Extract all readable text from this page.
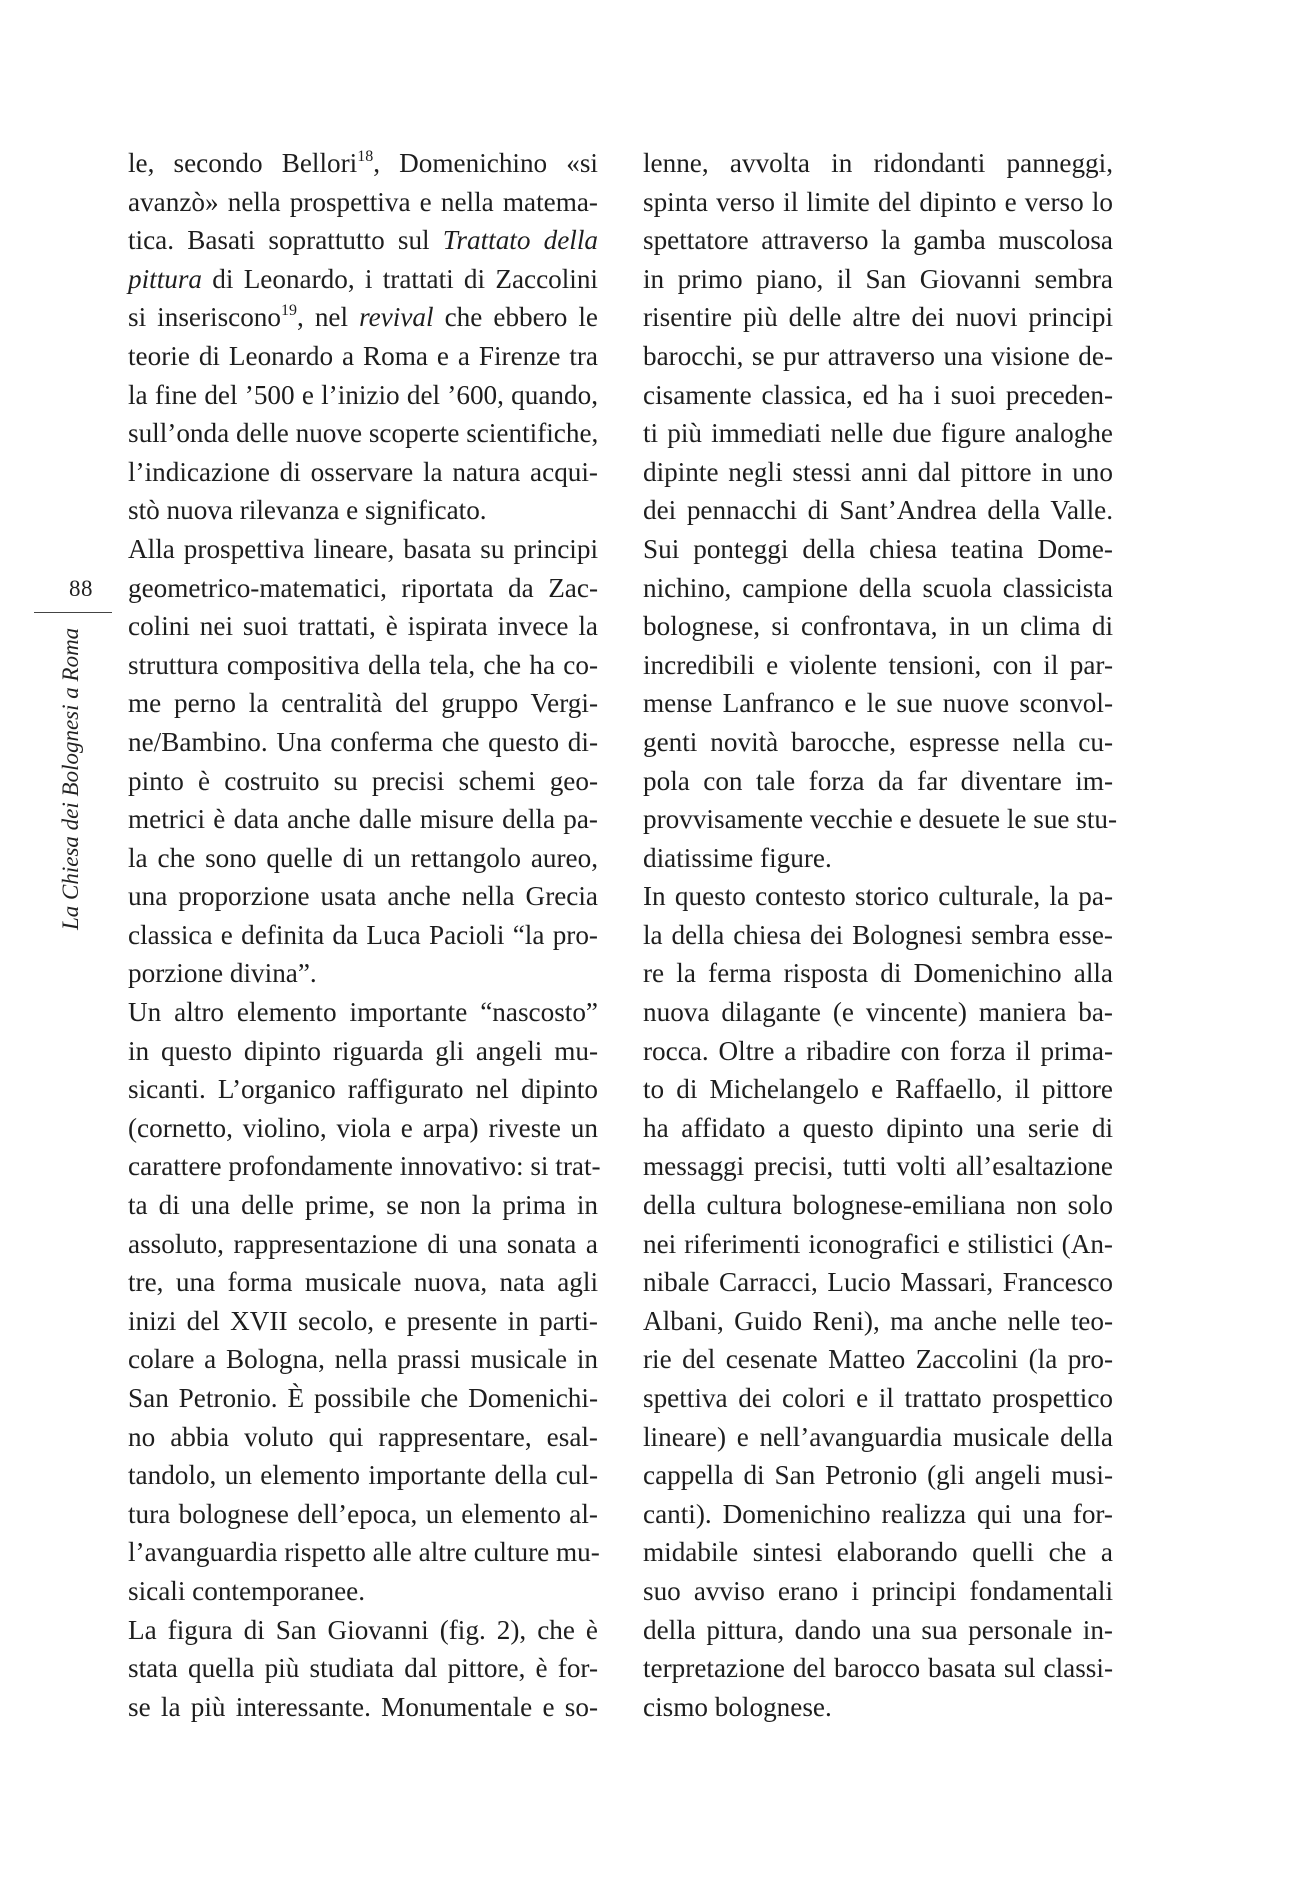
88
La Chiesa dei Bolognesi a Roma
le, secondo Bellori$^{18}$, Domenichino «si
avanzò» nella prospettiva e nella matema-
tica. Basati soprattutto sul Trattato della
pittura di Leonardo, i trattati di Zaccolini
si inseriscono$^{19}$, nel revival che ebbero le
teorie di Leonardo a Roma e a Firenze tra
la fine del ’500 e l’inizio del ’600, quando,
sull’onda delle nuove scoperte scientifiche,
l’indicazione di osservare la natura acqui-
stò nuova rilevanza e significato.
Alla prospettiva lineare, basata su principi
geometrico-matematici, riportata da Zac-
colini nei suoi trattati, è ispirata invece la
struttura compositiva della tela, che ha co-
me perno la centralità del gruppo Vergi-
ne/Bambino. Una conferma che questo di-
pinto è costruito su precisi schemi geo-
metrici è data anche dalle misure della pa-
la che sono quelle di un rettangolo aureo,
una proporzione usata anche nella Grecia
classica e definita da Luca Pacioli “la pro-
porzione divina”.
Un altro elemento importante “nascosto”
in questo dipinto riguarda gli angeli mu-
sicanti. L’organico raffigurato nel dipinto
(cornetto, violino, viola e arpa) riveste un
carattere profondamente innovativo: si trat-
ta di una delle prime, se non la prima in
assoluto, rappresentazione di una sonata a
tre, una forma musicale nuova, nata agli
inizi del XVII secolo, e presente in parti-
colare a Bologna, nella prassi musicale in
San Petronio. È possibile che Domenichi-
no abbia voluto qui rappresentare, esal-
tandolo, un elemento importante della cul-
tura bolognese dell’epoca, un elemento al-
l’avanguardia rispetto alle altre culture mu-
sicali contemporanee.
La figura di San Giovanni (fig. 2), che è
stata quella più studiata dal pittore, è for-
se la più interessante. Monumentale e so-
lenne, avvolta in ridondanti panneggi,
spinta verso il limite del dipinto e verso lo
spettatore attraverso la gamba muscolosa
in primo piano, il San Giovanni sembra
risentire più delle altre dei nuovi principi
barocchi, se pur attraverso una visione de-
cisamente classica, ed ha i suoi preceden-
ti più immediati nelle due figure analoghe
dipinte negli stessi anni dal pittore in uno
dei pennacchi di Sant’Andrea della Valle.
Sui ponteggi della chiesa teatina Dome-
nichino, campione della scuola classicista
bolognese, si confrontava, in un clima di
incredibili e violente tensioni, con il par-
mense Lanfranco e le sue nuove sconvol-
genti novità barocche, espresse nella cu-
pola con tale forza da far diventare im-
provvisamente vecchie e desuete le sue stu-
diatissime figure.
In questo contesto storico culturale, la pa-
la della chiesa dei Bolognesi sembra esse-
re la ferma risposta di Domenichino alla
nuova dilagante (e vincente) maniera ba-
rocca. Oltre a ribadire con forza il prima-
to di Michelangelo e Raffaello, il pittore
ha affidato a questo dipinto una serie di
messaggi precisi, tutti volti all’esaltazione
della cultura bolognese-emiliana non solo
nei riferimenti iconografici e stilistici (An-
nibale Carracci, Lucio Massari, Francesco
Albani, Guido Reni), ma anche nelle teo-
rie del cesenate Matteo Zaccolini (la pro-
spettiva dei colori e il trattato prospettico
lineare) e nell’avanguardia musicale della
cappella di San Petronio (gli angeli musi-
canti). Domenichino realizza qui una for-
midabile sintesi elaborando quelli che a
suo avviso erano i principi fondamentali
della pittura, dando una sua personale in-
terpretazione del barocco basata sul classi-
cismo bolognese.
